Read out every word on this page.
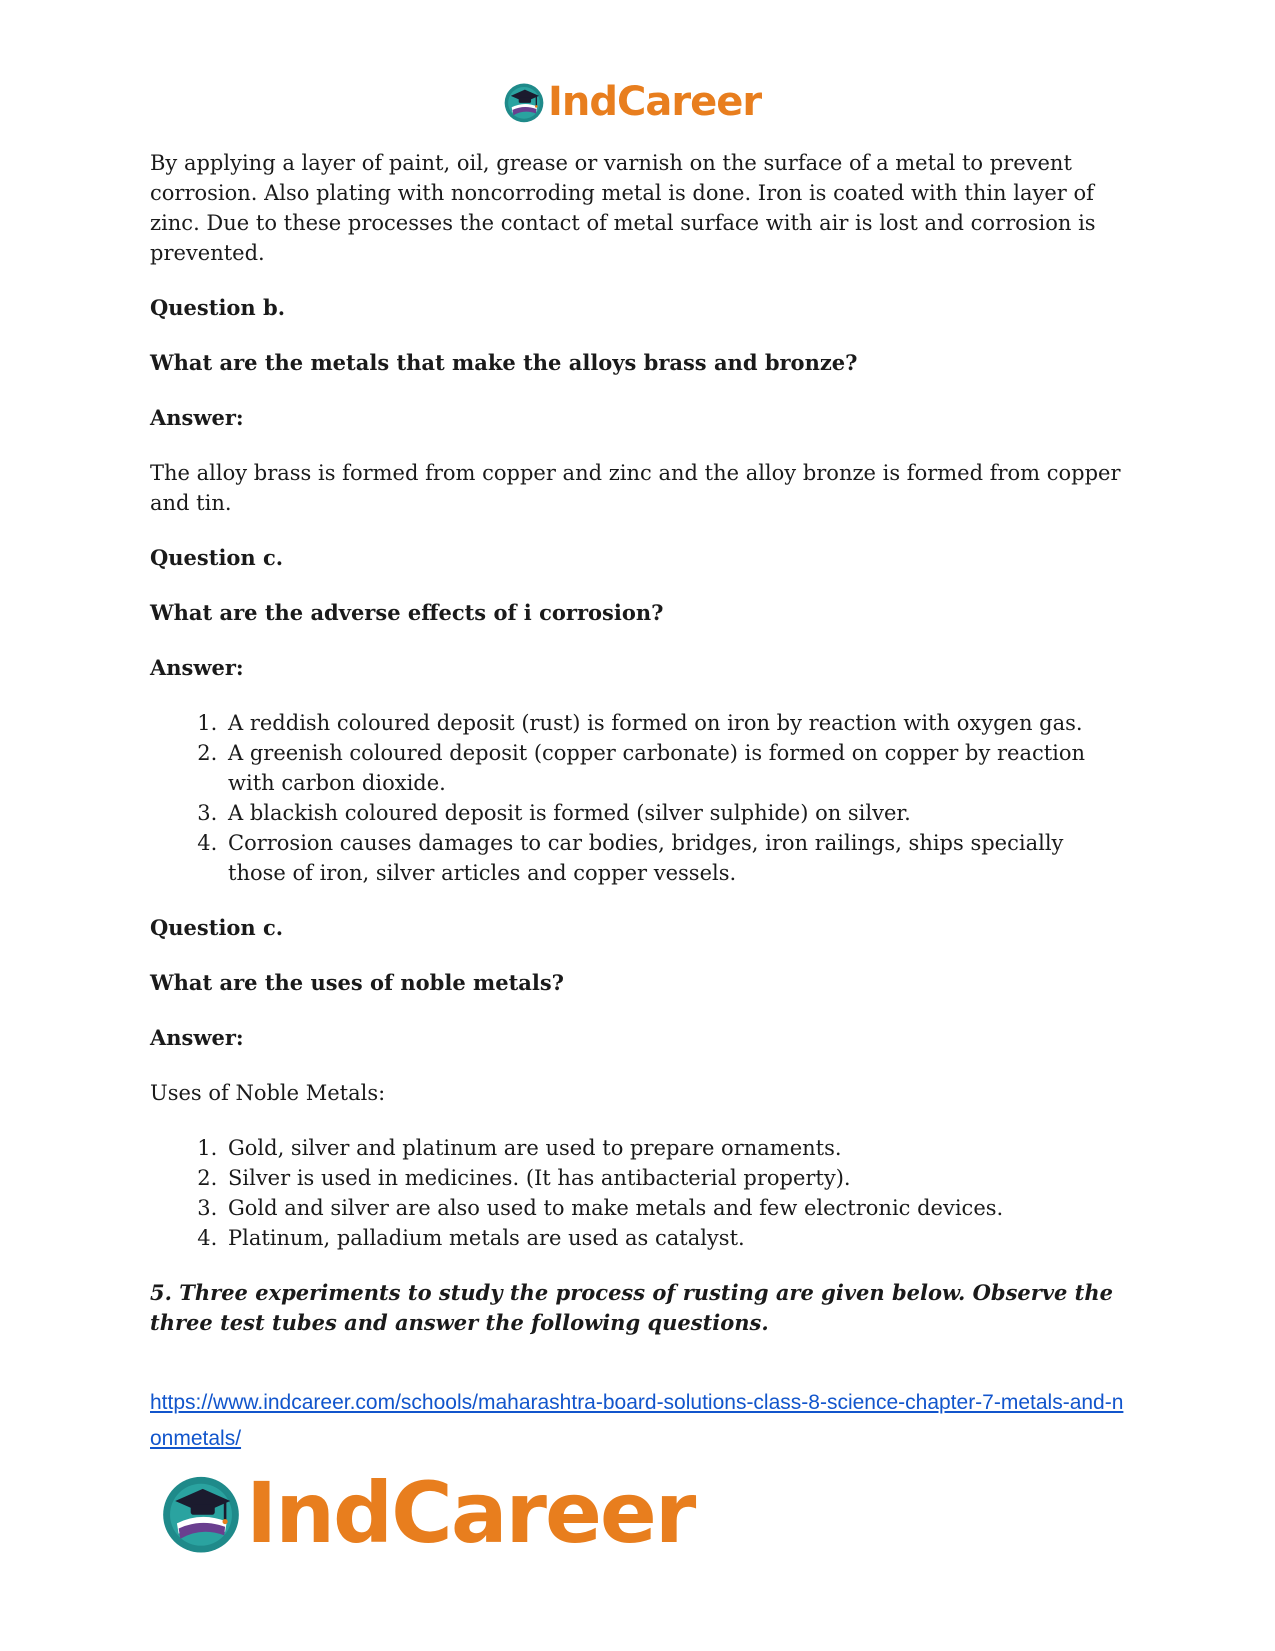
IndCareer

By applying a layer of paint, oil, grease or varnish on the surface of a metal to prevent corrosion. Also plating with noncorroding metal is done. Iron is coated with thin layer of zinc. Due to these processes the contact of metal surface with air is lost and corrosion is prevented.

Question b.

What are the metals that make the alloys brass and bronze?

Answer:

The alloy brass is formed from copper and zinc and the alloy bronze is formed from copper and tin.

Question c.

What are the adverse effects of i corrosion?

Answer:

1. A reddish coloured deposit (rust) is formed on iron by reaction with oxygen gas.
2. A greenish coloured deposit (copper carbonate) is formed on copper by reaction with carbon dioxide.
3. A blackish coloured deposit is formed (silver sulphide) on silver.
4. Corrosion causes damages to car bodies, bridges, iron railings, ships specially those of iron, silver articles and copper vessels.

Question c.

What are the uses of noble metals?

Answer:

Uses of Noble Metals:

1. Gold, silver and platinum are used to prepare ornaments.
2. Silver is used in medicines. (It has antibacterial property).
3. Gold and silver are also used to make metals and few electronic devices.
4. Platinum, palladium metals are used as catalyst.

5. Three experiments to study the process of rusting are given below. Observe the three test tubes and answer the following questions.

https://www.indcareer.com/schools/maharashtra-board-solutions-class-8-science-chapter-7-metals-and-nonmetals/
IndCareer
